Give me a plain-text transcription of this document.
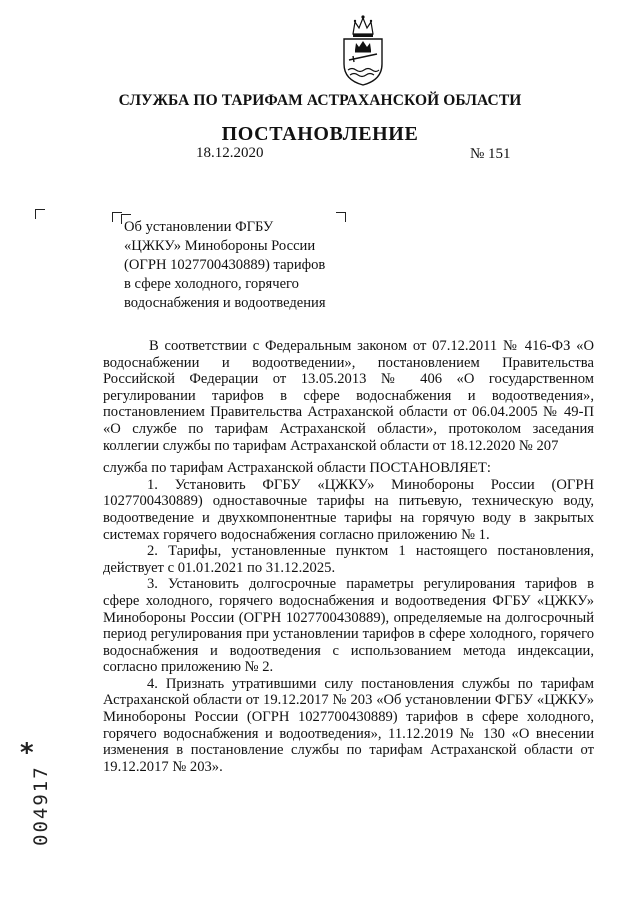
СЛУЖБА ПО ТАРИФАМ АСТРАХАНСКОЙ ОБЛАСТИ
ПОСТАНОВЛЕНИЕ
18.12.2020	№ 151
Об установлении ФГБУ
«ЦЖКУ» Минобороны России
(ОГРН 1027700430889) тарифов
в сфере холодного, горячего
водоснабжения и водоотведения

В соответствии с Федеральным законом от 07.12.2011 № 416-ФЗ «О водоснабжении и водоотведении», постановлением Правительства Российской Федерации от 13.05.2013 № 406 «О государственном регулировании тарифов в сфере водоснабжения и водоотведения», постановлением Правительства Астраханской области от 06.04.2005 № 49-П «О службе по тарифам Астраханской области», протоколом заседания коллегии службы по тарифам Астраханской области от 18.12.2020 № 207

служба по тарифам Астраханской области ПОСТАНОВЛЯЕТ:

1. Установить ФГБУ «ЦЖКУ» Минобороны России (ОГРН 1027700430889) одноставочные тарифы на питьевую, техническую воду, водоотведение и двухкомпонентные тарифы на горячую воду в закрытых системах горячего водоснабжения согласно приложению № 1.

2. Тарифы, установленные пунктом 1 настоящего постановления, действует с 01.01.2021 по 31.12.2025.

3. Установить долгосрочные параметры регулирования тарифов в сфере холодного, горячего водоснабжения и водоотведения ФГБУ «ЦЖКУ» Минобороны России (ОГРН 1027700430889), определяемые на долгосрочный период регулирования при установлении тарифов в сфере холодного, горячего водоснабжения и водоотведения с использованием метода индексации, согласно приложению № 2.

4. Признать утратившими силу постановления службы по тарифам Астраханской области от 19.12.2017 № 203 «Об установлении ФГБУ «ЦЖКУ» Минобороны России (ОГРН 1027700430889) тарифов в сфере холодного, горячего водоснабжения и водоотведения», 11.12.2019 № 130 «О внесении изменения в постановление службы по тарифам Астраханской области от 19.12.2017 № 203».

*
004917
